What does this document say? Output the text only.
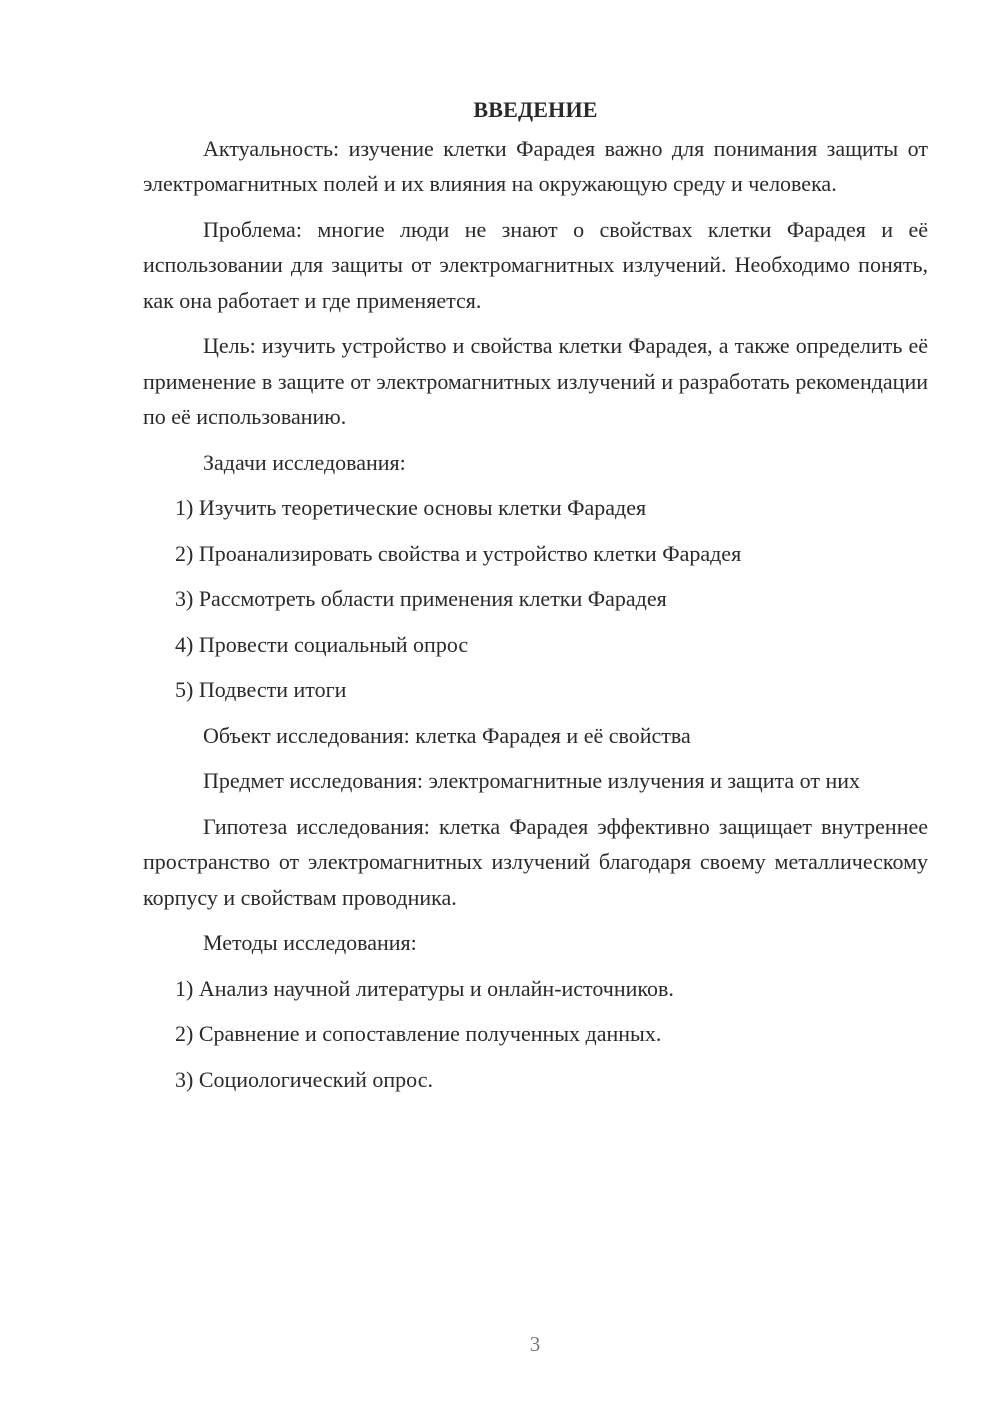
ВВЕДЕНИЕ

Актуальность: изучение клетки Фарадея важно для понимания защиты от электромагнитных полей и их влияния на окружающую среду и человека.

Проблема: многие люди не знают о свойствах клетки Фарадея и её использовании для защиты от электромагнитных излучений. Необходимо понять, как она работает и где применяется.

Цель: изучить устройство и свойства клетки Фарадея, а также определить её применение в защите от электромагнитных излучений и разработать рекомендации по её использованию.

Задачи исследования:

1) Изучить теоретические основы клетки Фарадея

2) Проанализировать свойства и устройство клетки Фарадея

3) Рассмотреть области применения клетки Фарадея

4) Провести социальный опрос

5) Подвести итоги

Объект исследования: клетка Фарадея и её свойства

Предмет исследования: электромагнитные излучения и защита от них

Гипотеза исследования: клетка Фарадея эффективно защищает внутреннее пространство от электромагнитных излучений благодаря своему металлическому корпусу и свойствам проводника.

Методы исследования:

1) Анализ научной литературы и онлайн-источников.

2) Сравнение и сопоставление полученных данных.

3) Социологический опрос.

3
